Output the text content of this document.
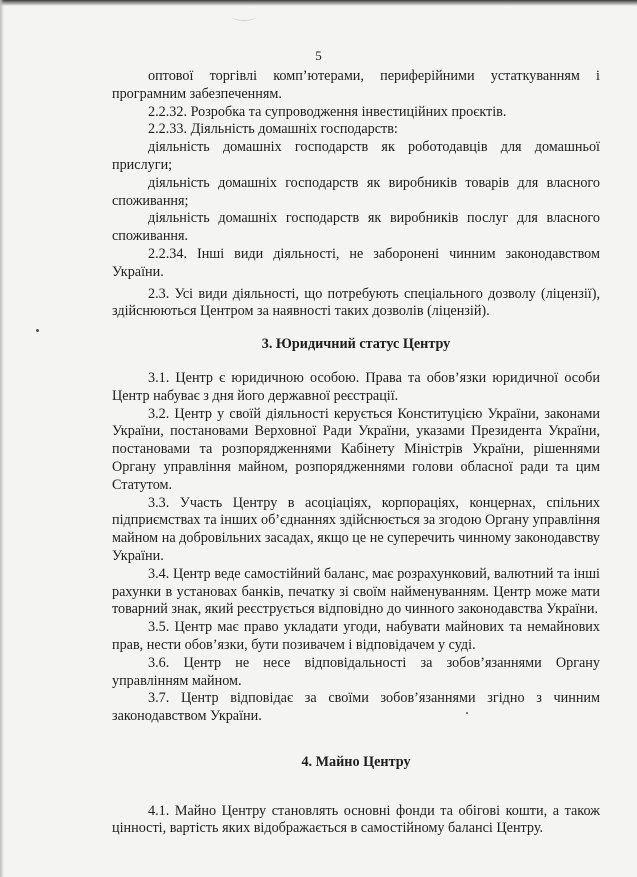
5

оптової торгівлі комп’ютерами, периферійними устаткуванням і програмним забезпеченням.

2.2.32. Розробка та супроводження інвестиційних проєктів.

2.2.33. Діяльність домашніх господарств:

діяльність домашніх господарств як роботодавців для домашньої прислуги;

діяльність домашніх господарств як виробників товарів для власного споживання;

діяльність домашніх господарств як виробників послуг для власного споживання.

2.2.34. Інші види діяльності, не заборонені чинним законодавством України.

2.3. Усі види діяльності, що потребують спеціального дозволу (ліцензії), здійснюються Центром за наявності таких дозволів (ліцензій).

3. Юридичний статус Центру

3.1. Центр є юридичною особою. Права та обов’язки юридичної особи Центр набуває з дня його державної реєстрації.

3.2. Центр у своїй діяльності керується Конституцією України, законами України, постановами Верховної Ради України, указами Президента України, постановами та розпорядженнями Кабінету Міністрів України, рішеннями Органу управління майном, розпорядженнями голови обласної ради та цим Статутом.

3.3. Участь Центру в асоціаціях, корпораціях, концернах, спільних підприємствах та інших об’єднаннях здійснюється за згодою Органу управління майном на добровільних засадах, якщо це не суперечить чинному законодавству України.

3.4. Центр веде самостійний баланс, має розрахунковий, валютний та інші рахунки в установах банків, печатку зі своїм найменуванням. Центр може мати товарний знак, який реєструється відповідно до чинного законодавства України.

3.5. Центр має право укладати угоди, набувати майнових та немайнових прав, нести обов’язки, бути позивачем і відповідачем у суді.

3.6. Центр не несе відповідальності за зобов’язаннями Органу управлінням майном.

3.7. Центр відповідає за своїми зобов’язаннями згідно з чинним законодавством України.

4. Майно Центру

4.1. Майно Центру становлять основні фонди та обігові кошти, а також цінності, вартість яких відображається в самостійному балансі Центру.
